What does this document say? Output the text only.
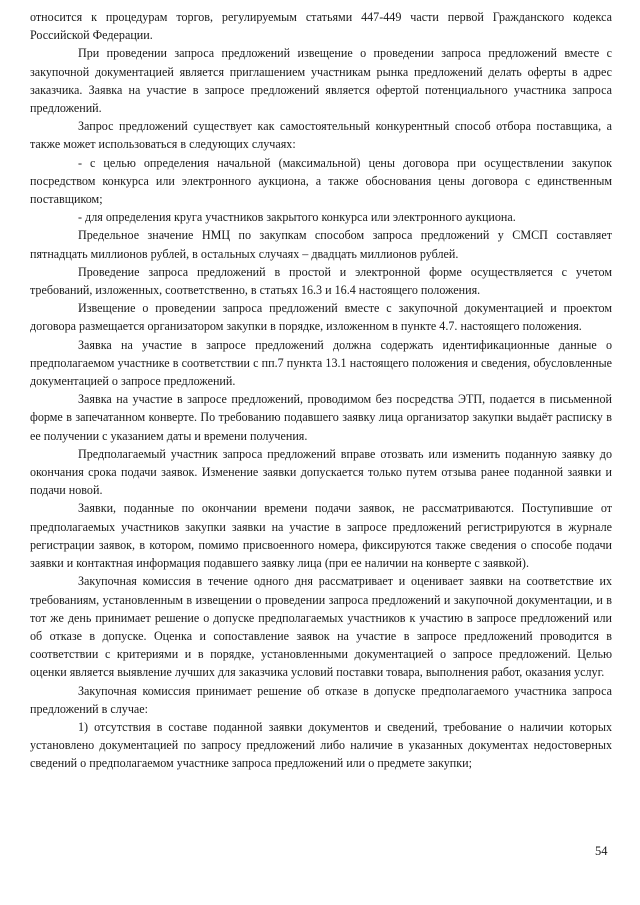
относится к процедурам торгов, регулируемым статьями 447-449 части первой Гражданского кодекса Российской Федерации.

При проведении запроса предложений извещение о проведении запроса предложений вместе с закупочной документацией является приглашением участникам рынка предложений делать оферты в адрес заказчика. Заявка на участие в запросе предложений является офертой потенциального участника запроса предложений.

Запрос предложений существует как самостоятельный конкурентный способ отбора поставщика, а также может использоваться в следующих случаях:

- с целью определения начальной (максимальной) цены договора при осуществлении закупок посредством конкурса или электронного аукциона, а также обоснования цены договора с единственным поставщиком;

- для определения круга участников закрытого конкурса или электронного аукциона.

Предельное значение НМЦ по закупкам способом запроса предложений у СМСП составляет пятнадцать миллионов рублей, в остальных случаях – двадцать миллионов рублей.

Проведение запроса предложений в простой и электронной форме осуществляется с учетом требований, изложенных, соответственно, в статьях 16.3 и 16.4 настоящего положения.

Извещение о проведении запроса предложений вместе с закупочной документацией и проектом договора размещается организатором закупки в порядке, изложенном в пункте 4.7. настоящего положения.

Заявка на участие в запросе предложений должна содержать идентификационные данные о предполагаемом участнике в соответствии с пп.7 пункта 13.1 настоящего положения и сведения, обусловленные документацией о запросе предложений.

Заявка на участие в запросе предложений, проводимом без посредства ЭТП, подается в письменной форме в запечатанном конверте. По требованию подавшего заявку лица организатор закупки выдаёт расписку в ее получении с указанием даты и времени получения.

Предполагаемый участник запроса предложений вправе отозвать или изменить поданную заявку до окончания срока подачи заявок. Изменение заявки допускается только путем отзыва ранее поданной заявки и подачи новой.

Заявки, поданные по окончании времени подачи заявок, не рассматриваются. Поступившие от предполагаемых участников закупки заявки на участие в запросе предложений регистрируются в журнале регистрации заявок, в котором, помимо присвоенного номера, фиксируются также сведения о способе подачи заявки и контактная информация подавшего заявку лица (при ее наличии на конверте с заявкой).

Закупочная комиссия в течение одного дня рассматривает и оценивает заявки на соответствие их требованиям, установленным в извещении о проведении запроса предложений и закупочной документации, и в тот же день принимает решение о допуске предполагаемых участников к участию в запросе предложений или об отказе в допуске. Оценка и сопоставление заявок на участие в запросе предложений проводится в соответствии с критериями и в порядке, установленными документацией о запросе предложений. Целью оценки является выявление лучших для заказчика условий поставки товара, выполнения работ, оказания услуг.

Закупочная комиссия принимает решение об отказе в допуске предполагаемого участника запроса предложений в случае:

1) отсутствия в составе поданной заявки документов и сведений, требование о наличии которых установлено документацией по запросу предложений либо наличие в указанных документах недостоверных сведений о предполагаемом участнике запроса предложений или о предмете закупки;

54
